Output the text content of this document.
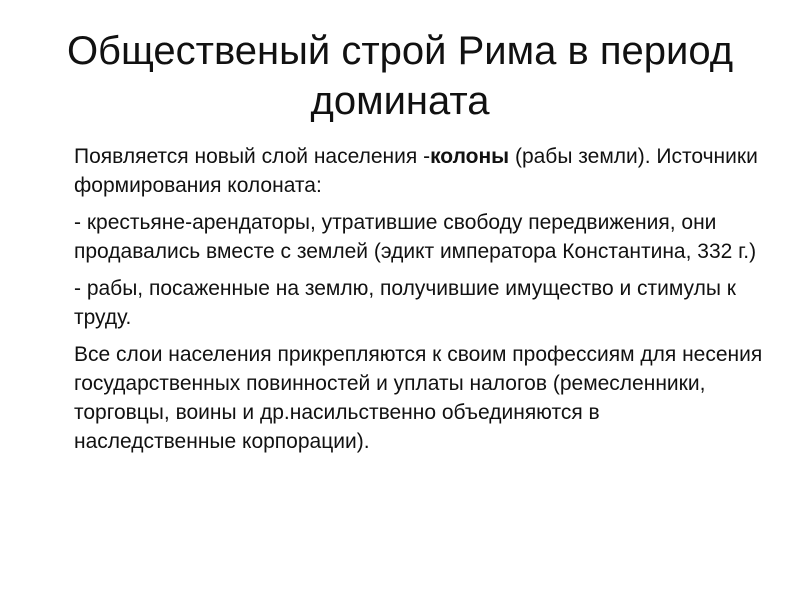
Общественый строй Рима в период домината

Появляется новый слой населения -колоны (рабы земли). Источники формирования колоната:

- крестьяне-арендаторы, утратившие свободу передвижения, они продавались вместе с землей (эдикт императора Константина, 332 г.)

- рабы, посаженные на землю, получившие имущество и стимулы к труду.

Все слои населения прикрепляются к своим профессиям для несения государственных повинностей и уплаты налогов (ремесленники, торговцы, воины и др.насильственно объединяются в наследственные корпорации).
